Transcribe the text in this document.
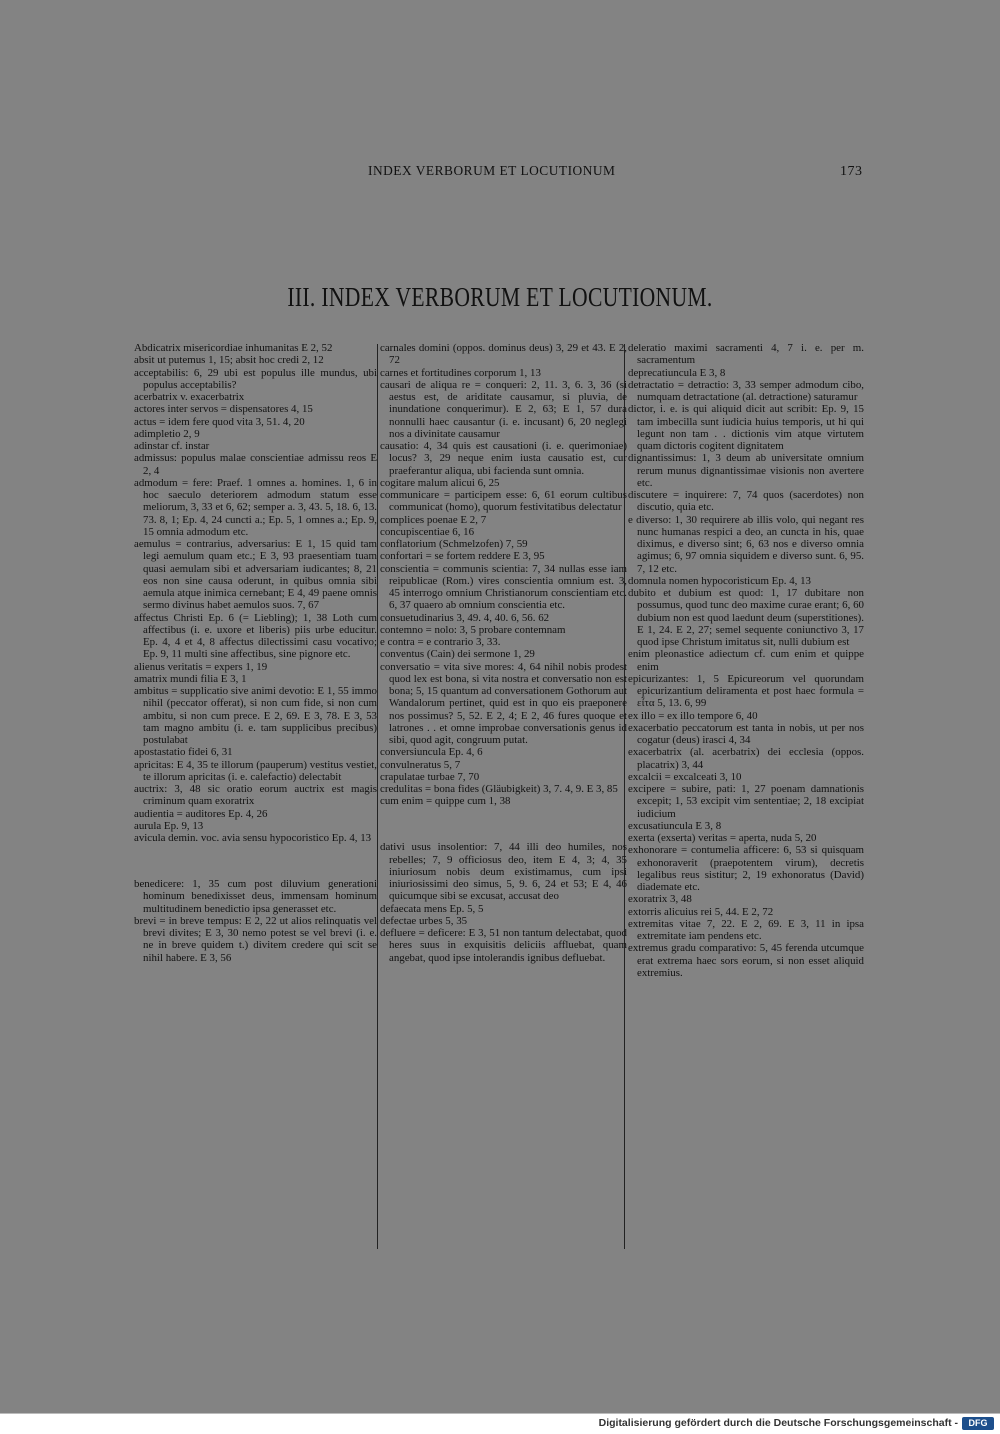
INDEX VERBORUM ET LOCUTIONUM	173
III. INDEX VERBORUM ET LOCUTIONUM.

Abdicatrix misericordiae inhumanitas E 2, 52

absit ut putemus 1, 15; absit hoc credi 2, 12

acceptabilis: 6, 29 ubi est populus ille mundus, ubi populus acceptabilis?

acerbatrix v. exacerbatrix

actores inter servos = dispensatores 4, 15

actus = idem fere quod vita 3, 51. 4, 20

adimpletio 2, 9

adinstar cf. instar

admissus: populus malae conscientiae admissu reos E 2, 4

admodum = fere: Praef. 1 omnes a. homines. 1, 6 in hoc saeculo deteriorem admodum statum esse meliorum, 3, 33 et 6, 62; semper a. 3, 43. 5, 18. 6, 13. 73. 8, 1; Ep. 4, 24 cuncti a.; Ep. 5, 1 omnes a.; Ep. 9, 15 omnia admodum etc.

aemulus = contrarius, adversarius: E 1, 15 quid tam legi aemulum quam etc.; E 3, 93 praesentiam tuam quasi aemulam sibi et adversariam iudicantes; 8, 21 eos non sine causa oderunt, in quibus omnia sibi aemula atque inimica cernebant; E 4, 49 paene omnis sermo divinus habet aemulos suos. 7, 67

affectus Christi Ep. 6 (= Liebling); 1, 38 Loth cum affectibus (i. e. uxore et liberis) piis urbe educitur. Ep. 4, 4 et 4, 8 affectus dilectissimi casu vocativo; Ep. 9, 11 multi sine affectibus, sine pignore etc.

alienus veritatis = expers 1, 19

amatrix mundi filia E 3, 1

ambitus = supplicatio sive animi devotio: E 1, 55 immo nihil (peccator offerat), si non cum fide, si non cum ambitu, si non cum prece. E 2, 69. E 3, 78. E 3, 53 tam magno ambitu (i. e. tam supplicibus precibus) postulabat

apostastatio fidei 6, 31

apricitas: E 4, 35 te illorum (pauperum) vestitus vestiet, te illorum apricitas (i. e. calefactio) delectabit

auctrix: 3, 48 sic oratio eorum auctrix est magis criminum quam exoratrix

audientia = auditores Ep. 4, 26

aurula Ep. 9, 13

avicula demin. voc. avia sensu hypocoristico Ep. 4, 13

benedicere: 1, 35 cum post diluvium generationi hominum benedixisset deus, immensam hominum multitudinem benedictio ipsa generasset etc.

brevi = in breve tempus: E 2, 22 ut alios relinquatis vel brevi divites; E 3, 30 nemo potest se vel brevi (i. e. ne in breve quidem t.) divitem credere qui scit se nihil habere. E 3, 56

carnales domini (oppos. dominus deus) 3, 29 et 43. E 2, 72

carnes et fortitudines corporum 1, 13

causari de aliqua re = conqueri: 2, 11. 3, 6. 3, 36 (si aestus est, de ariditate causamur, si pluvia, de inundatione conquerimur). E 2, 63; E 1, 57 dura nonnulli haec causantur (i. e. incusant) 6, 20 neglegi nos a divinitate causamur

causatio: 4, 34 quis est causationi (i. e. querimoniae) locus? 3, 29 neque enim iusta causatio est, cur praeferantur aliqua, ubi facienda sunt omnia.

cogitare malum alicui 6, 25

communicare = participem esse: 6, 61 eorum cultibus communicat (homo), quorum festivitatibus delectatur

complices poenae E 2, 7

concupiscentiae 6, 16

conflatorium (Schmelzofen) 7, 59

confortari = se fortem reddere E 3, 95

conscientia = communis scientia: 7, 34 nullas esse iam reipublicae (Rom.) vires conscientia omnium est. 3, 45 interrogo omnium Christianorum conscientiam etc. 6, 37 quaero ab omnium conscientia etc.

consuetudinarius 3, 49. 4, 40. 6, 56. 62

contemno = nolo: 3, 5 probare contemnam

e contra = e contrario 3, 33.

conventus (Cain) dei sermone 1, 29

conversatio = vita sive mores: 4, 64 nihil nobis prodest quod lex est bona, si vita nostra et conversatio non est bona; 5, 15 quantum ad conversationem Gothorum aut Wandalorum pertinet, quid est in quo eis praeponere nos possimus? 5, 52. E 2, 4; E 2, 46 fures quoque et latrones . . et omne improbae conversationis genus id sibi, quod agit, congruum putat.

conversiuncula Ep. 4, 6

convulneratus 5, 7

crapulatae turbae 7, 70

credulitas = bona fides (Gläubigkeit) 3, 7. 4, 9. E 3, 85

cum enim = quippe cum 1, 38

dativi usus insolentior: 7, 44 illi deo humiles, nos rebelles; 7, 9 officiosus deo, item E 4, 3; 4, 35 iniuriosum nobis deum existimamus, cum ipsi iniuriosissimi deo simus, 5, 9. 6, 24 et 53; E 4, 46 quicumque sibi se excusat, accusat deo

defaecata mens Ep. 5, 5

defectae urbes 5, 35

defluere = deficere: E 3, 51 non tantum delectabat, quod heres suus in exquisitis deliciis affluebat, quam angebat, quod ipse intolerandis ignibus defluebat.

deleratio maximi sacramenti 4, 7 i. e. per m. sacramentum

deprecatiuncula E 3, 8

detractatio = detractio: 3, 33 semper admodum cibo, numquam detractatione (al. detractione) saturamur

dictor, i. e. is qui aliquid dicit aut scribit: Ep. 9, 15 tam imbecilla sunt iudicia huius temporis, ut hi qui legunt non tam . . dictionis vim atque virtutem quam dictoris cogitent dignitatem

dignantissimus: 1, 3 deum ab universitate omnium rerum munus dignantissimae visionis non avertere etc.

discutere = inquirere: 7, 74 quos (sacerdotes) non discutio, quia etc.

e diverso: 1, 30 requirere ab illis volo, qui negant res nunc humanas respici a deo, an cuncta in his, quae diximus, e diverso sint; 6, 63 nos e diverso omnia agimus; 6, 97 omnia siquidem e diverso sunt. 6, 95. 7, 12 etc.

domnula nomen hypocoristicum Ep. 4, 13

dubito et dubium est quod: 1, 17 dubitare non possumus, quod tunc deo maxime curae erant; 6, 60 dubium non est quod laedunt deum (superstitiones). E 1, 24. E 2, 27; semel sequente coniunctivo 3, 17 quod ipse Christum imitatus sit, nulli dubium est

enim pleonastice adiectum cf. cum enim et quippe enim

epicurizantes: 1, 5 Epicureorum vel quorundam epicurizantium deliramenta et post haec formula = εἶτα 5, 13. 6, 99

ex illo = ex illo tempore 6, 40

exacerbatio peccatorum est tanta in nobis, ut per nos cogatur (deus) irasci 4, 34

exacerbatrix (al. acerbatrix) dei ecclesia (oppos. placatrix) 3, 44

excalcii = excalceati 3, 10

excipere = subire, pati: 1, 27 poenam damnationis excepit; 1, 53 excipit vim sententiae; 2, 18 excipiat iudicium

excusatiuncula E 3, 8

exerta (exserta) veritas = aperta, nuda 5, 20

exhonorare = contumelia afficere: 6, 53 si quisquam exhonoraverit (praepotentem virum), decretis legalibus reus sistitur; 2, 19 exhonoratus (David) diademate etc.

exoratrix 3, 48

extorris alicuius rei 5, 44. E 2, 72

extremitas vitae 7, 22. E 2, 69. E 3, 11 in ipsa extremitate iam pendens etc.

extremus gradu comparativo: 5, 45 ferenda utcumque erat extrema haec sors eorum, si non esset aliquid extremius.

Digitalisierung gefördert durch die Deutsche Forschungsgemeinschaft -	DFG
